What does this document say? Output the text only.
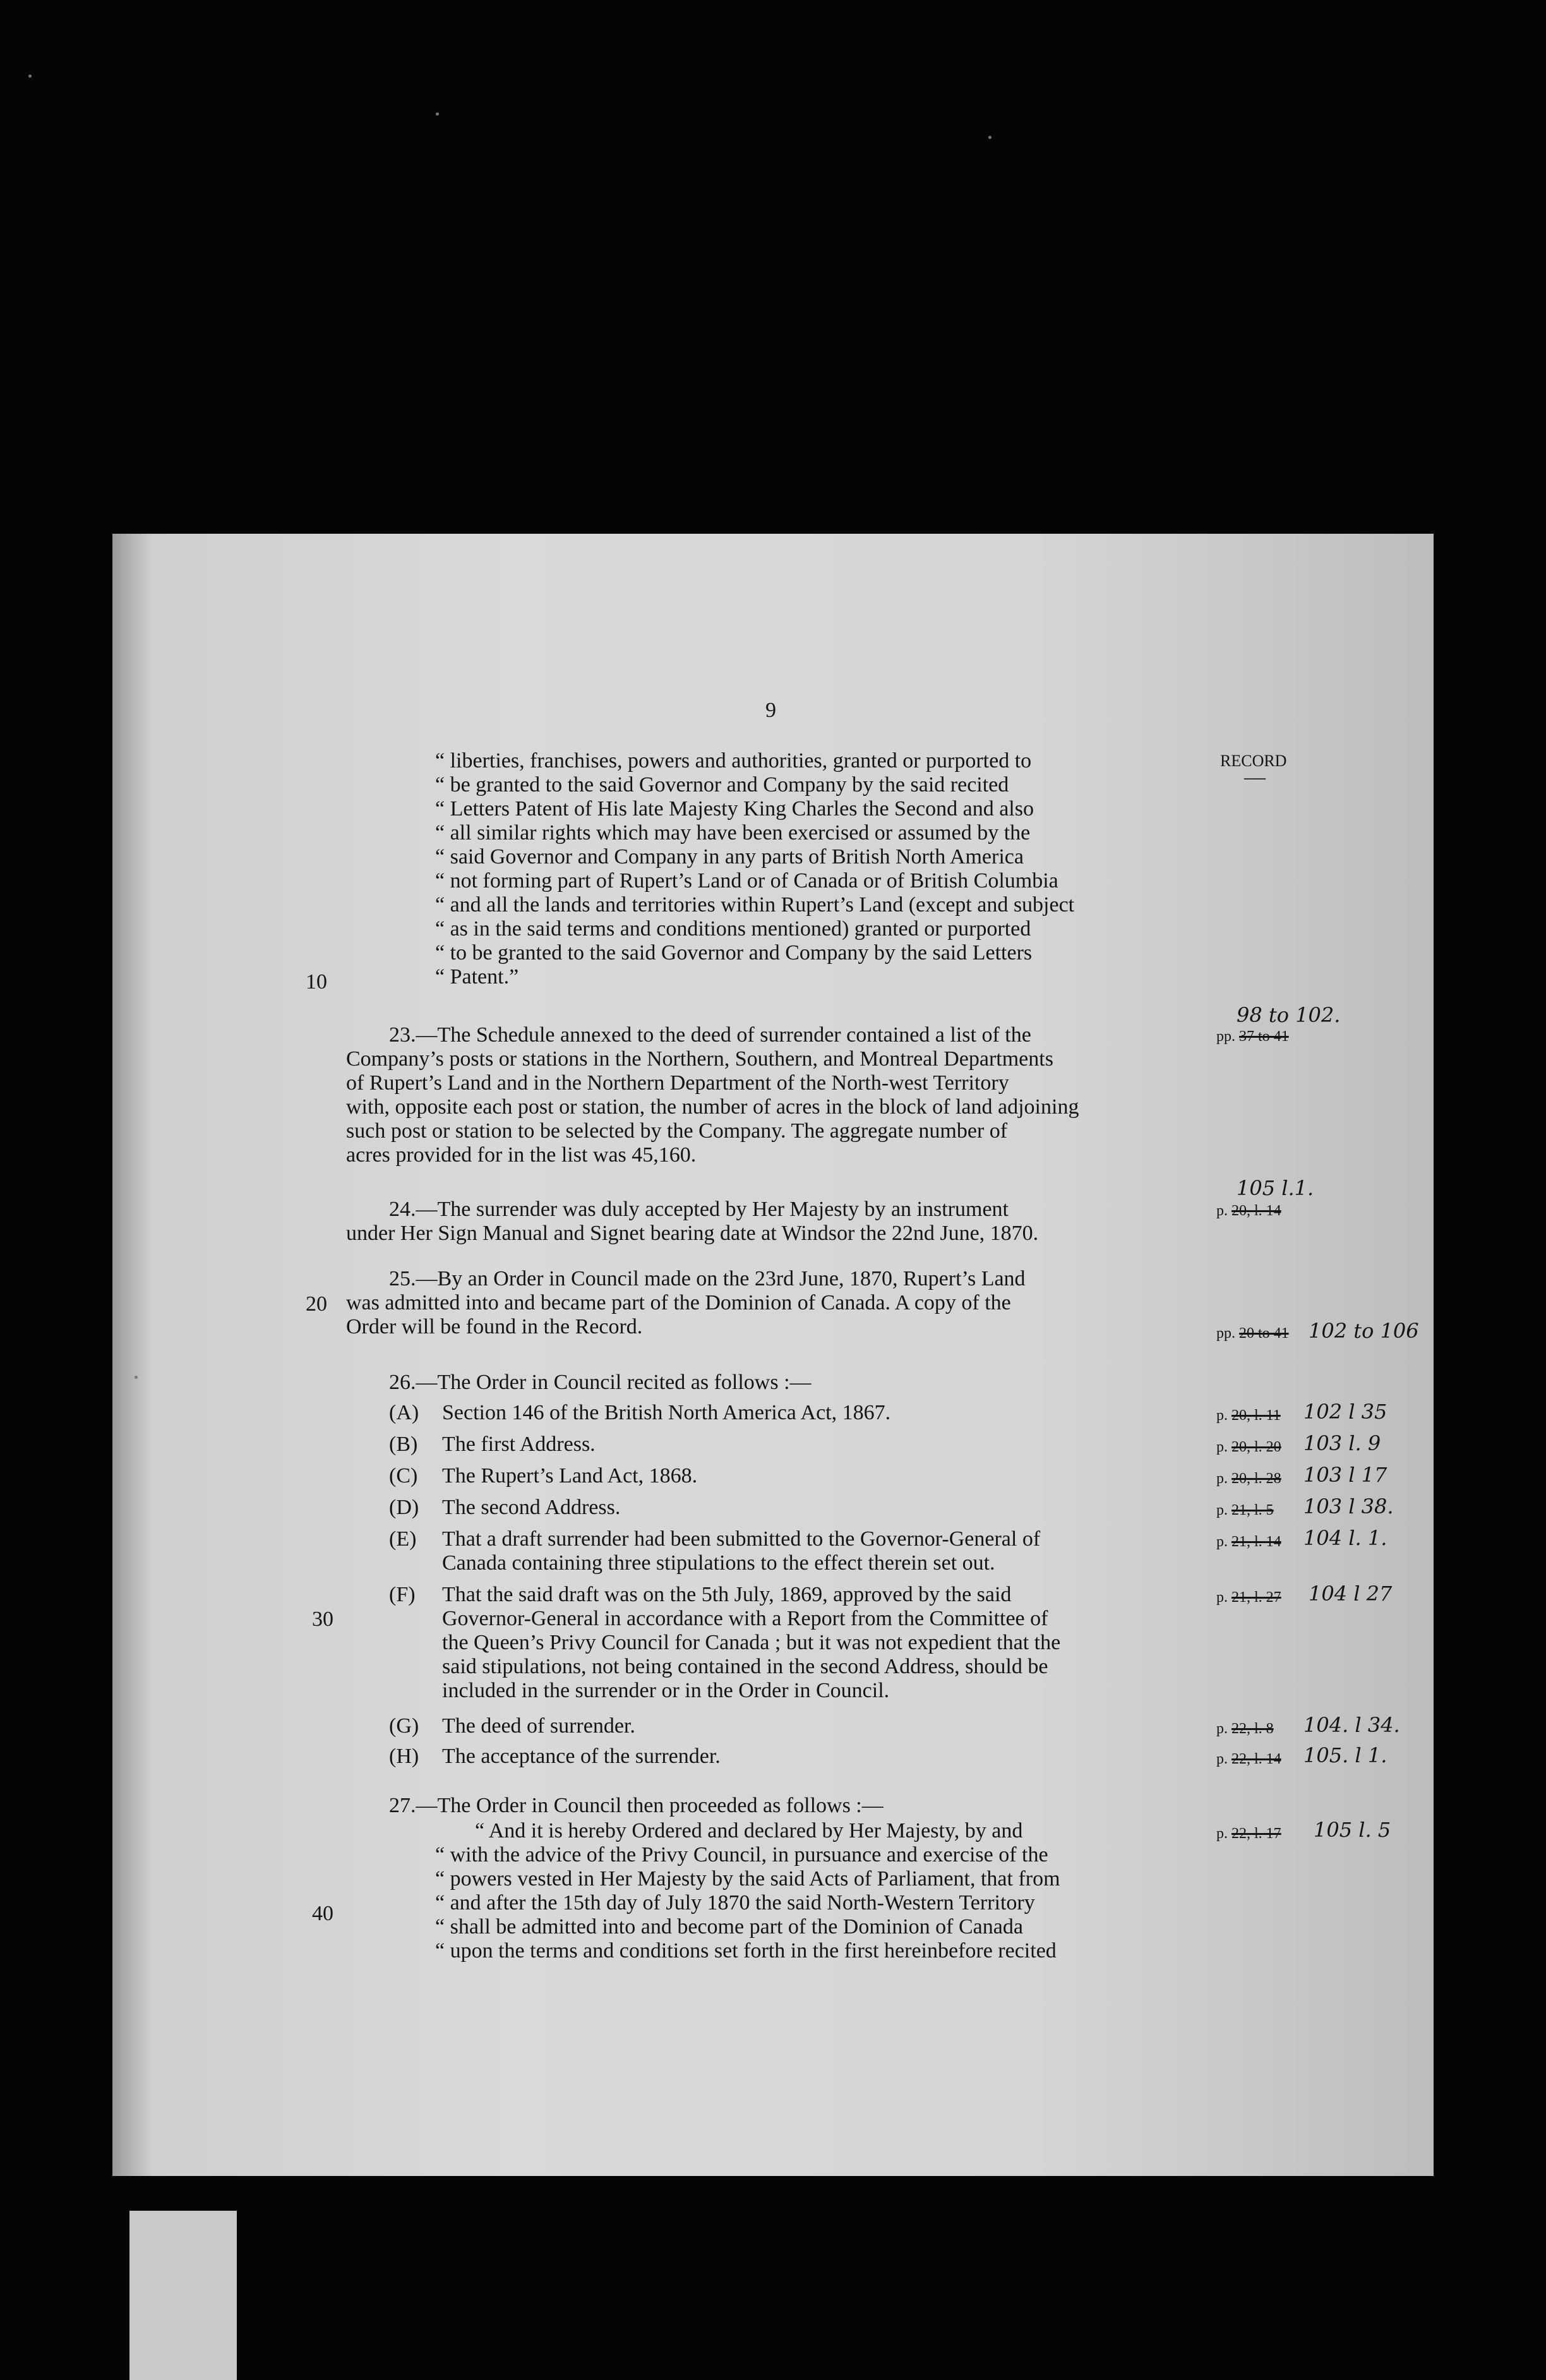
9
RECORD
—
10
20
30
40
“ liberties, franchises, powers and authorities, granted or purported to
“ be granted to the said Governor and Company by the said recited
“ Letters Patent of His late Majesty King Charles the Second and also
“ all similar rights which may have been exercised or assumed by the
“ said Governor and Company in any parts of British North America
“ not forming part of Rupert’s Land or of Canada or of British Columbia
“ and all the lands and territories within Rupert’s Land (except and subject
“ as in the said terms and conditions mentioned) granted or purported
“ to be granted to the said Governor and Company by the said Letters
“ Patent.”
23.—The Schedule annexed to the deed of surrender contained a list of the
Company’s posts or stations in the Northern, Southern, and Montreal Departments
of Rupert’s Land and in the Northern Department of the North-west Territory
with, opposite each post or station, the number of acres in the block of land adjoining
such post or station to be selected by the Company. The aggregate number of
acres provided for in the list was 45,160.
24.—The surrender was duly accepted by Her Majesty by an instrument
under Her Sign Manual and Signet bearing date at Windsor the 22nd June, 1870.
25.—By an Order in Council made on the 23rd June, 1870, Rupert’s Land
was admitted into and became part of the Dominion of Canada. A copy of the
Order will be found in the Record.
26.—The Order in Council recited as follows :—
(A) Section 146 of the British North America Act, 1867.
(B) The first Address.
(C) The Rupert’s Land Act, 1868.
(D) The second Address.
(E) That a draft surrender had been submitted to the Governor-General of
Canada containing three stipulations to the effect therein set out.
(F) That the said draft was on the 5th July, 1869, approved by the said
Governor-General in accordance with a Report from the Committee of
the Queen’s Privy Council for Canada ; but it was not expedient that the
said stipulations, not being contained in the second Address, should be
included in the surrender or in the Order in Council.
(G) The deed of surrender.
(H) The acceptance of the surrender.
27.—The Order in Council then proceeded as follows :—
“ And it is hereby Ordered and declared by Her Majesty, by and
“ with the advice of the Privy Council, in pursuance and exercise of the
“ powers vested in Her Majesty by the said Acts of Parliament, that from
“ and after the 15th day of July 1870 the said North-Western Territory
“ shall be admitted into and become part of the Dominion of Canada
“ upon the terms and conditions set forth in the first hereinbefore recited
98 to 102.
pp. 37 to 41
105 l.1.
p. 20, l. 14
pp. 20 to 41 102 to 106
p. 20, l. 11 102 l 35
p. 20, l. 20 103 l. 9
p. 20, l. 28 103 l 17
p. 21, l. 5 103 l 38.
p. 21, l. 14 104 l. 1.
p. 21, l. 27 104 l 27
p. 22, l. 8 104. l 34.
p. 22, l. 14 105. l 1.
p. 22, l. 17 105 l. 5
